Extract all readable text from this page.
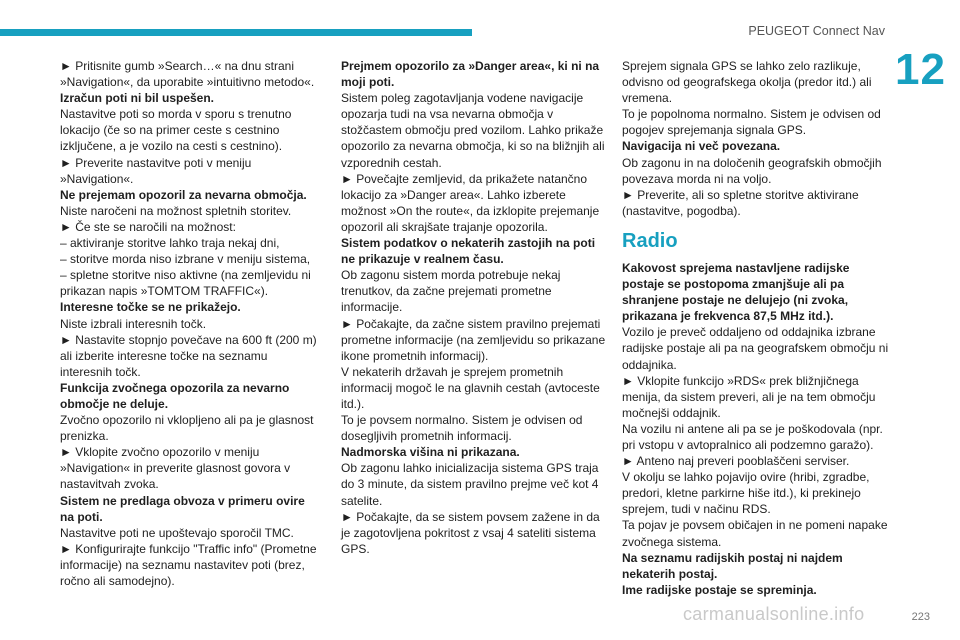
PEUGEOT Connect Nav
12

► Pritisnite gumb »Search…« na dnu strani »Navigation«, da uporabite »intuitivno metodo«.

Izračun poti ni bil uspešen.

Nastavitve poti so morda v sporu s trenutno lokacijo (če so na primer ceste s cestnino izključene, a je vozilo na cesti s cestnino).

► Preverite nastavitve poti v meniju »Navigation«.

Ne prejemam opozoril za nevarna območja.

Niste naročeni na možnost spletnih storitev.

► Če ste se naročili na možnost:

– aktiviranje storitve lahko traja nekaj dni,

– storitve morda niso izbrane v meniju sistema,

– spletne storitve niso aktivne (na zemljevidu ni prikazan napis »TOMTOM TRAFFIC«).

Interesne točke se ne prikažejo.

Niste izbrali interesnih točk.

► Nastavite stopnjo povečave na 600 ft (200 m) ali izberite interesne točke na seznamu interesnih točk.

Funkcija zvočnega opozorila za nevarno območje ne deluje.

Zvočno opozorilo ni vklopljeno ali pa je glasnost prenizka.

► Vklopite zvočno opozorilo v meniju »Navigation« in preverite glasnost govora v nastavitvah zvoka.

Sistem ne predlaga obvoza v primeru ovire na poti.

Nastavitve poti ne upoštevajo sporočil TMC.

► Konfigurirajte funkcijo "Traffic info" (Prometne informacije) na seznamu nastavitev poti (brez, ročno ali samodejno).

Prejmem opozorilo za »Danger area«, ki ni na moji poti.

Sistem poleg zagotavljanja vodene navigacije opozarja tudi na vsa nevarna območja v stožčastem območju pred vozilom. Lahko prikaže opozorilo za nevarna območja, ki so na bližnjih ali vzporednih cestah.

► Povečajte zemljevid, da prikažete natančno lokacijo za »Danger area«. Lahko izberete možnost »On the route«, da izklopite prejemanje opozoril ali skrajšate trajanje opozorila.

Sistem podatkov o nekaterih zastojih na poti ne prikazuje v realnem času.

Ob zagonu sistem morda potrebuje nekaj trenutkov, da začne prejemati prometne informacije.

► Počakajte, da začne sistem pravilno prejemati prometne informacije (na zemljevidu so prikazane ikone prometnih informacij).

V nekaterih državah je sprejem prometnih informacij mogoč le na glavnih cestah (avtoceste itd.).

To je povsem normalno. Sistem je odvisen od dosegljivih prometnih informacij.

Nadmorska višina ni prikazana.

Ob zagonu lahko inicializacija sistema GPS traja do 3 minute, da sistem pravilno prejme več kot 4 satelite.

► Počakajte, da se sistem povsem zažene in da je zagotovljena pokritost z vsaj 4 sateliti sistema GPS.

Sprejem signala GPS se lahko zelo razlikuje, odvisno od geografskega okolja (predor itd.) ali vremena.

To je popolnoma normalno. Sistem je odvisen od pogojev sprejemanja signala GPS.

Navigacija ni več povezana.

Ob zagonu in na določenih geografskih območjih povezava morda ni na voljo.

► Preverite, ali so spletne storitve aktivirane (nastavitve, pogodba).

Radio

Kakovost sprejema nastavljene radijske postaje se postopoma zmanjšuje ali pa shranjene postaje ne delujejo (ni zvoka, prikazana je frekvenca 87,5 MHz itd.).

Vozilo je preveč oddaljeno od oddajnika izbrane radijske postaje ali pa na geografskem območju ni oddajnika.

► Vklopite funkcijo »RDS« prek bližnjičnega menija, da sistem preveri, ali je na tem območju močnejši oddajnik.

Na vozilu ni antene ali pa se je poškodovala (npr. pri vstopu v avtopralnico ali podzemno garažo).

► Anteno naj preveri pooblaščeni serviser.

V okolju se lahko pojavijo ovire (hribi, zgradbe, predori, kletne parkirne hiše itd.), ki prekinejo sprejem, tudi v načinu RDS.

Ta pojav je povsem običajen in ne pomeni napake zvočnega sistema.

Na seznamu radijskih postaj ni najdem nekaterih postaj.

Ime radijske postaje se spreminja.

carmanualsonline.info	223
